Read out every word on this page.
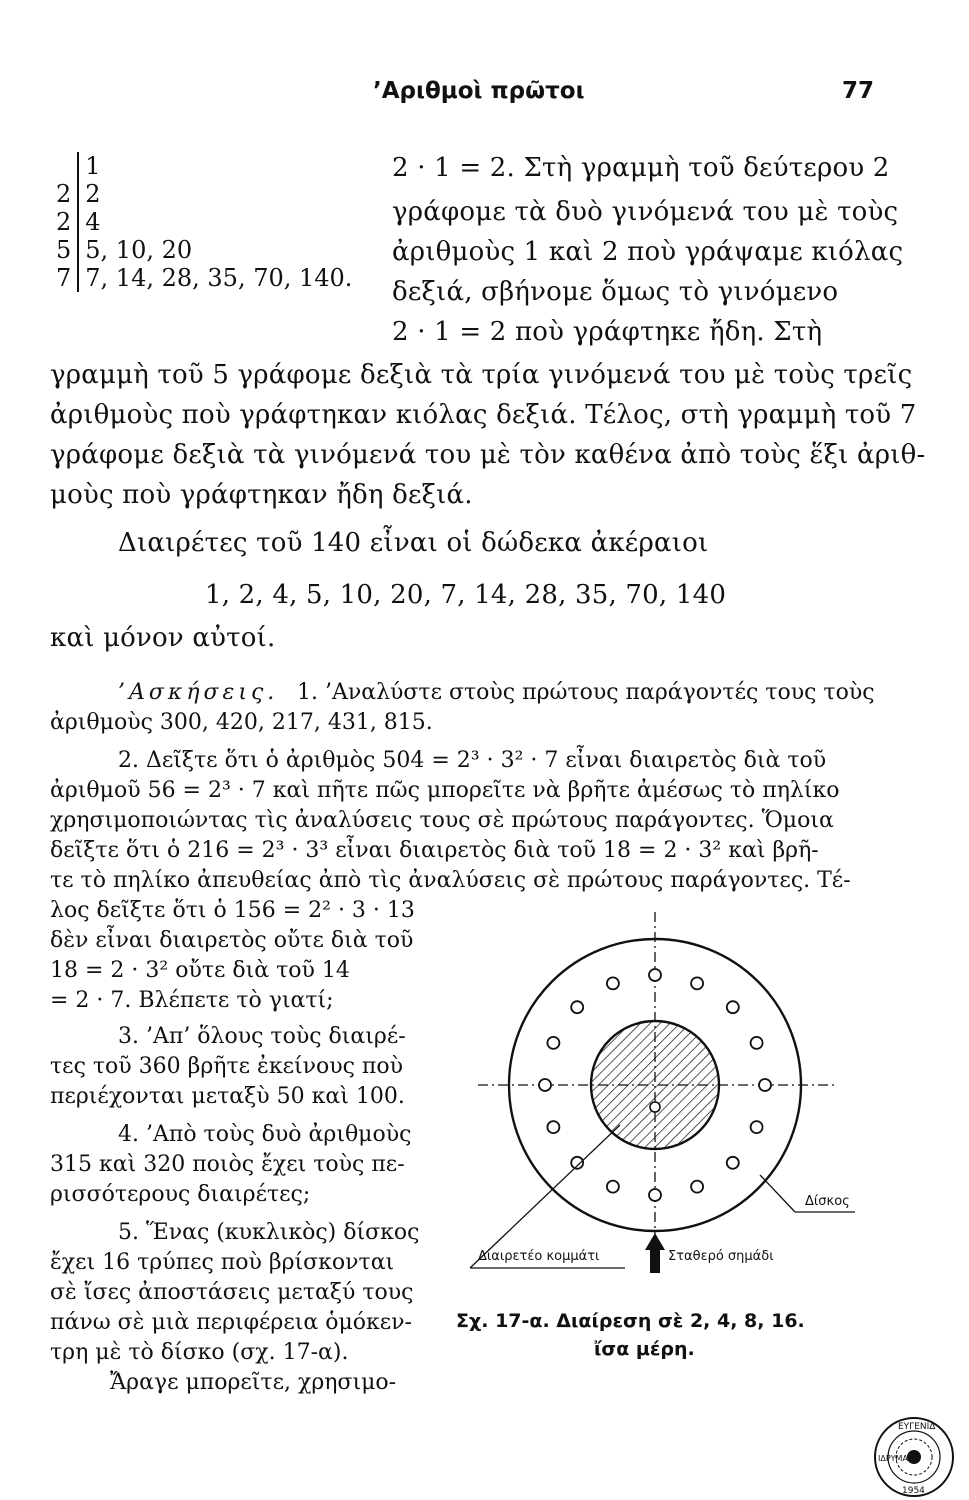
’Αριθμοὶ πρῶτοι	77
	1
2	2
2	4
5	5, 10, 20
7	7, 14, 28, 35, 70, 140.
2 · 1 = 2. Στὴ γραμμὴ τοῦ δεύτερου 2
γράφομε τὰ δυὸ γινόμενά του μὲ τοὺς
ἀριθμοὺς 1 καὶ 2 ποὺ γράψαμε κιόλας
δεξιά, σβήνομε ὅμως τὸ γινόμενο
2 · 1 = 2 ποὺ γράφτηκε ἤδη. Στὴ
γραμμὴ τοῦ 5 γράφομε δεξιὰ τὰ τρία γινόμενά του μὲ τοὺς τρεῖς
ἀριθμοὺς ποὺ γράφτηκαν κιόλας δεξιά. Τέλος, στὴ γραμμὴ τοῦ 7
γράφομε δεξιὰ τὰ γινόμενά του μὲ τὸν καθένα ἀπὸ τοὺς ἕξι ἀριθ-
μοὺς ποὺ γράφτηκαν ἤδη δεξιά.
Διαιρέτες τοῦ 140 εἶναι οἱ δώδεκα ἀκέραιοι
1, 2, 4, 5, 10, 20, 7, 14, 28, 35, 70, 140
καὶ μόνον αὐτοί.
’Ασκήσεις. 1. ’Αναλύστε στοὺς πρώτους παράγοντές τους τοὺς
ἀριθμοὺς 300, 420, 217, 431, 815.
2. Δεῖξτε ὅτι ὁ ἀριθμὸς 504 = 2³ · 3² · 7 εἶναι διαιρετὸς διὰ τοῦ
ἀριθμοῦ 56 = 2³ · 7 καὶ πῆτε πῶς μπορεῖτε νὰ βρῆτε ἀμέσως τὸ πηλίκο
χρησιμοποιώντας τὶς ἀναλύσεις τους σὲ πρώτους παράγοντες. Ὅμοια
δεῖξτε ὅτι ὁ 216 = 2³ · 3³ εἶναι διαιρετὸς διὰ τοῦ 18 = 2 · 3² καὶ βρῆ-
τε τὸ πηλίκο ἀπευθείας ἀπὸ τὶς ἀναλύσεις σὲ πρώτους παράγοντες. Τέ-
λος δεῖξτε ὅτι ὁ 156 = 2² · 3 · 13
δὲν εἶναι διαιρετὸς οὔτε διὰ τοῦ
18 = 2 · 3² οὔτε διὰ τοῦ 14
= 2 · 7. Βλέπετε τὸ γιατί;
3. ’Απ’ ὅλους τοὺς διαιρέ-
τες τοῦ 360 βρῆτε ἐκείνους ποὺ
περιέχονται μεταξὺ 50 καὶ 100.
4. ’Απὸ τοὺς δυὸ ἀριθμοὺς
315 καὶ 320 ποιὸς ἔχει τοὺς πε-
ρισσότερους διαιρέτες;
5. Ἕνας (κυκλικὸς) δίσκος
ἔχει 16 τρύπες ποὺ βρίσκονται
σὲ ἴσες ἀποστάσεις μεταξύ τους
πάνω σὲ μιὰ περιφέρεια ὁμόκεν-
τρη μὲ τὸ δίσκο (σχ. 17-α).
Ἄραγε μπορεῖτε, χρησιμο-
Δίσκος
Διαιρετέο κομμάτι	Σταθερό σημάδι
Σχ. 17-α. Διαίρεση σὲ 2, 4, 8, 16.
ἴσα μέρη.
ΕΥΓΕΝΙΔ
ΙΔΡΥΜΑ
1954
